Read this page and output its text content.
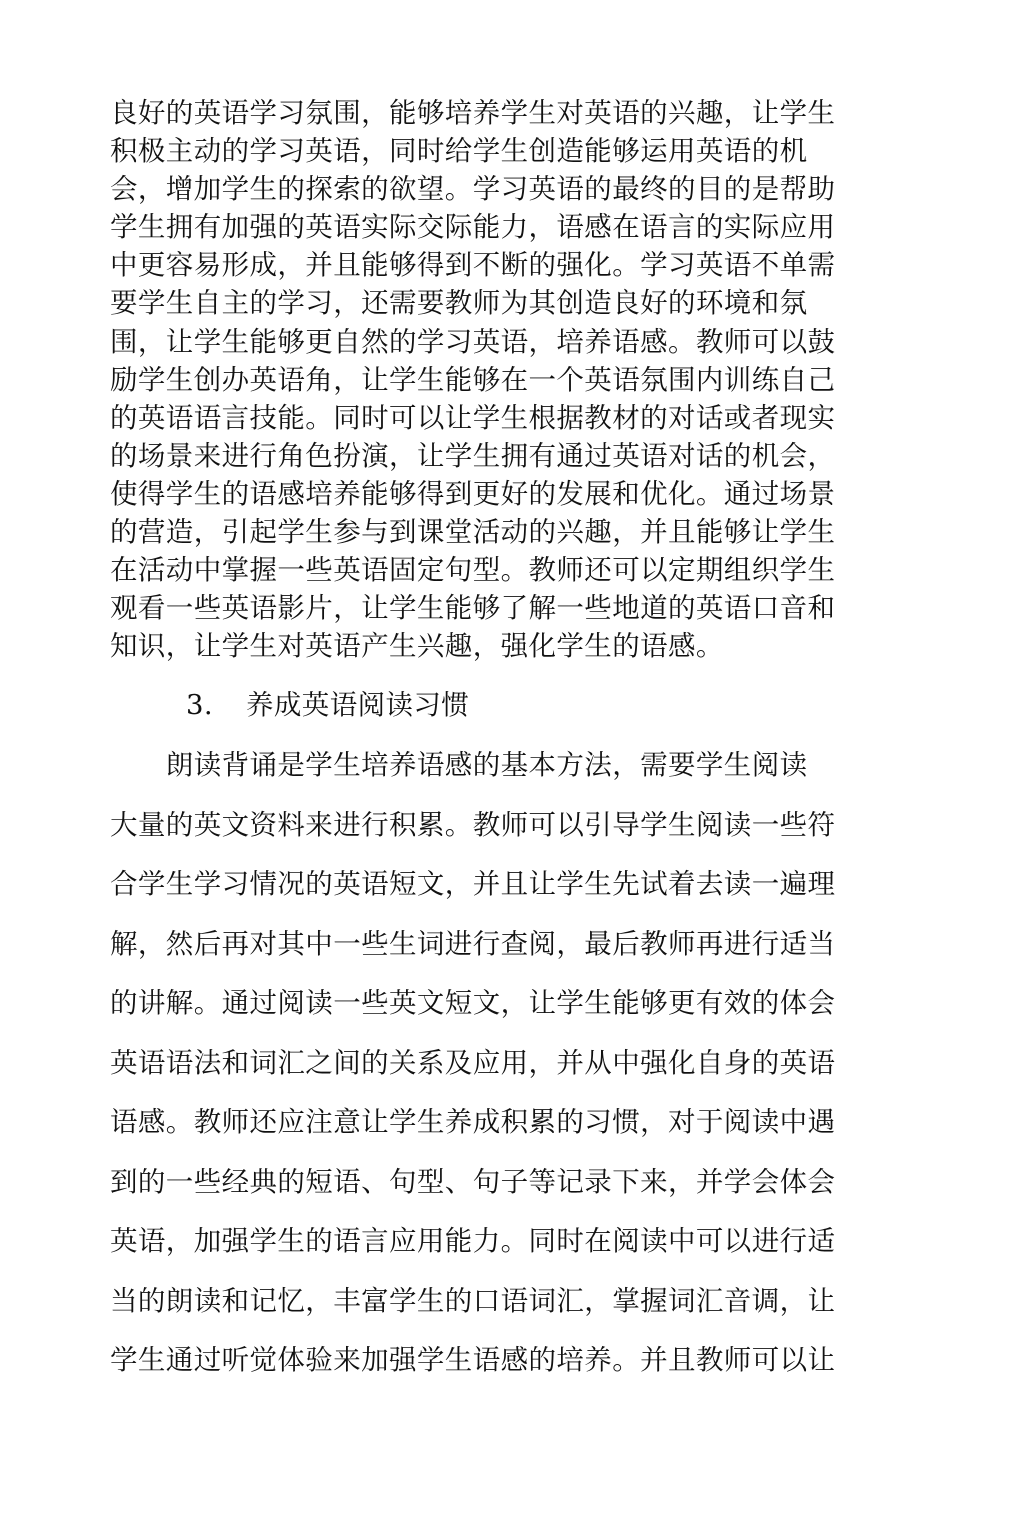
良好的英语学习氛围，能够培养学生对英语的兴趣，让学生
积极主动的学习英语，同时给学生创造能够运用英语的机
会，增加学生的探索的欲望。学习英语的最终的目的是帮助
学生拥有加强的英语实际交际能力，语感在语言的实际应用
中更容易形成，并且能够得到不断的强化。学习英语不单需
要学生自主的学习，还需要教师为其创造良好的环境和氛
围，让学生能够更自然的学习英语，培养语感。教师可以鼓
励学生创办英语角，让学生能够在一个英语氛围内训练自己
的英语语言技能。同时可以让学生根据教材的对话或者现实
的场景来进行角色扮演，让学生拥有通过英语对话的机会，
使得学生的语感培养能够得到更好的发展和优化。通过场景
的营造，引起学生参与到课堂活动的兴趣，并且能够让学生
在活动中掌握一些英语固定句型。教师还可以定期组织学生
观看一些英语影片，让学生能够了解一些地道的英语口音和
知识，让学生对英语产生兴趣，强化学生的语感。
3. 养成英语阅读习惯
　　朗读背诵是学生培养语感的基本方法，需要学生阅读
大量的英文资料来进行积累。教师可以引导学生阅读一些符
合学生学习情况的英语短文，并且让学生先试着去读一遍理
解，然后再对其中一些生词进行查阅，最后教师再进行适当
的讲解。通过阅读一些英文短文，让学生能够更有效的体会
英语语法和词汇之间的关系及应用，并从中强化自身的英语
语感。教师还应注意让学生养成积累的习惯，对于阅读中遇
到的一些经典的短语、句型、句子等记录下来，并学会体会
英语，加强学生的语言应用能力。同时在阅读中可以进行适
当的朗读和记忆，丰富学生的口语词汇，掌握词汇音调，让
学生通过听觉体验来加强学生语感的培养。并且教师可以让
